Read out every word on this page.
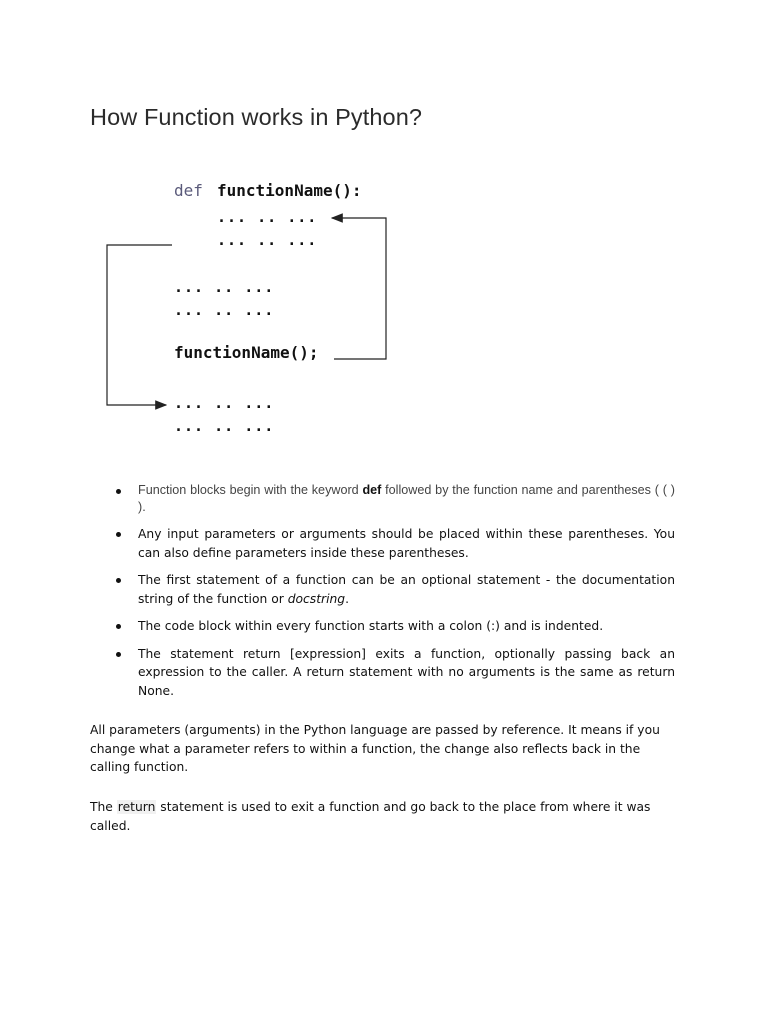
How Function works in Python?
def functionName():
... .. ...
... .. ...
... .. ...
... .. ...
functionName();
... .. ...
... .. ...
Function blocks begin with the keyword def followed by the function name and parentheses ( ( ) ).
Any input parameters or arguments should be placed within these parentheses. You can also define parameters inside these parentheses.
The first statement of a function can be an optional statement - the documentation string of the function or docstring.
The code block within every function starts with a colon (:) and is indented.
The statement return [expression] exits a function, optionally passing back an expression to the caller. A return statement with no arguments is the same as return None.

All parameters (arguments) in the Python language are passed by reference. It means if you change what a parameter refers to within a function, the change also reflects back in the calling function.

The return statement is used to exit a function and go back to the place from where it was called.
